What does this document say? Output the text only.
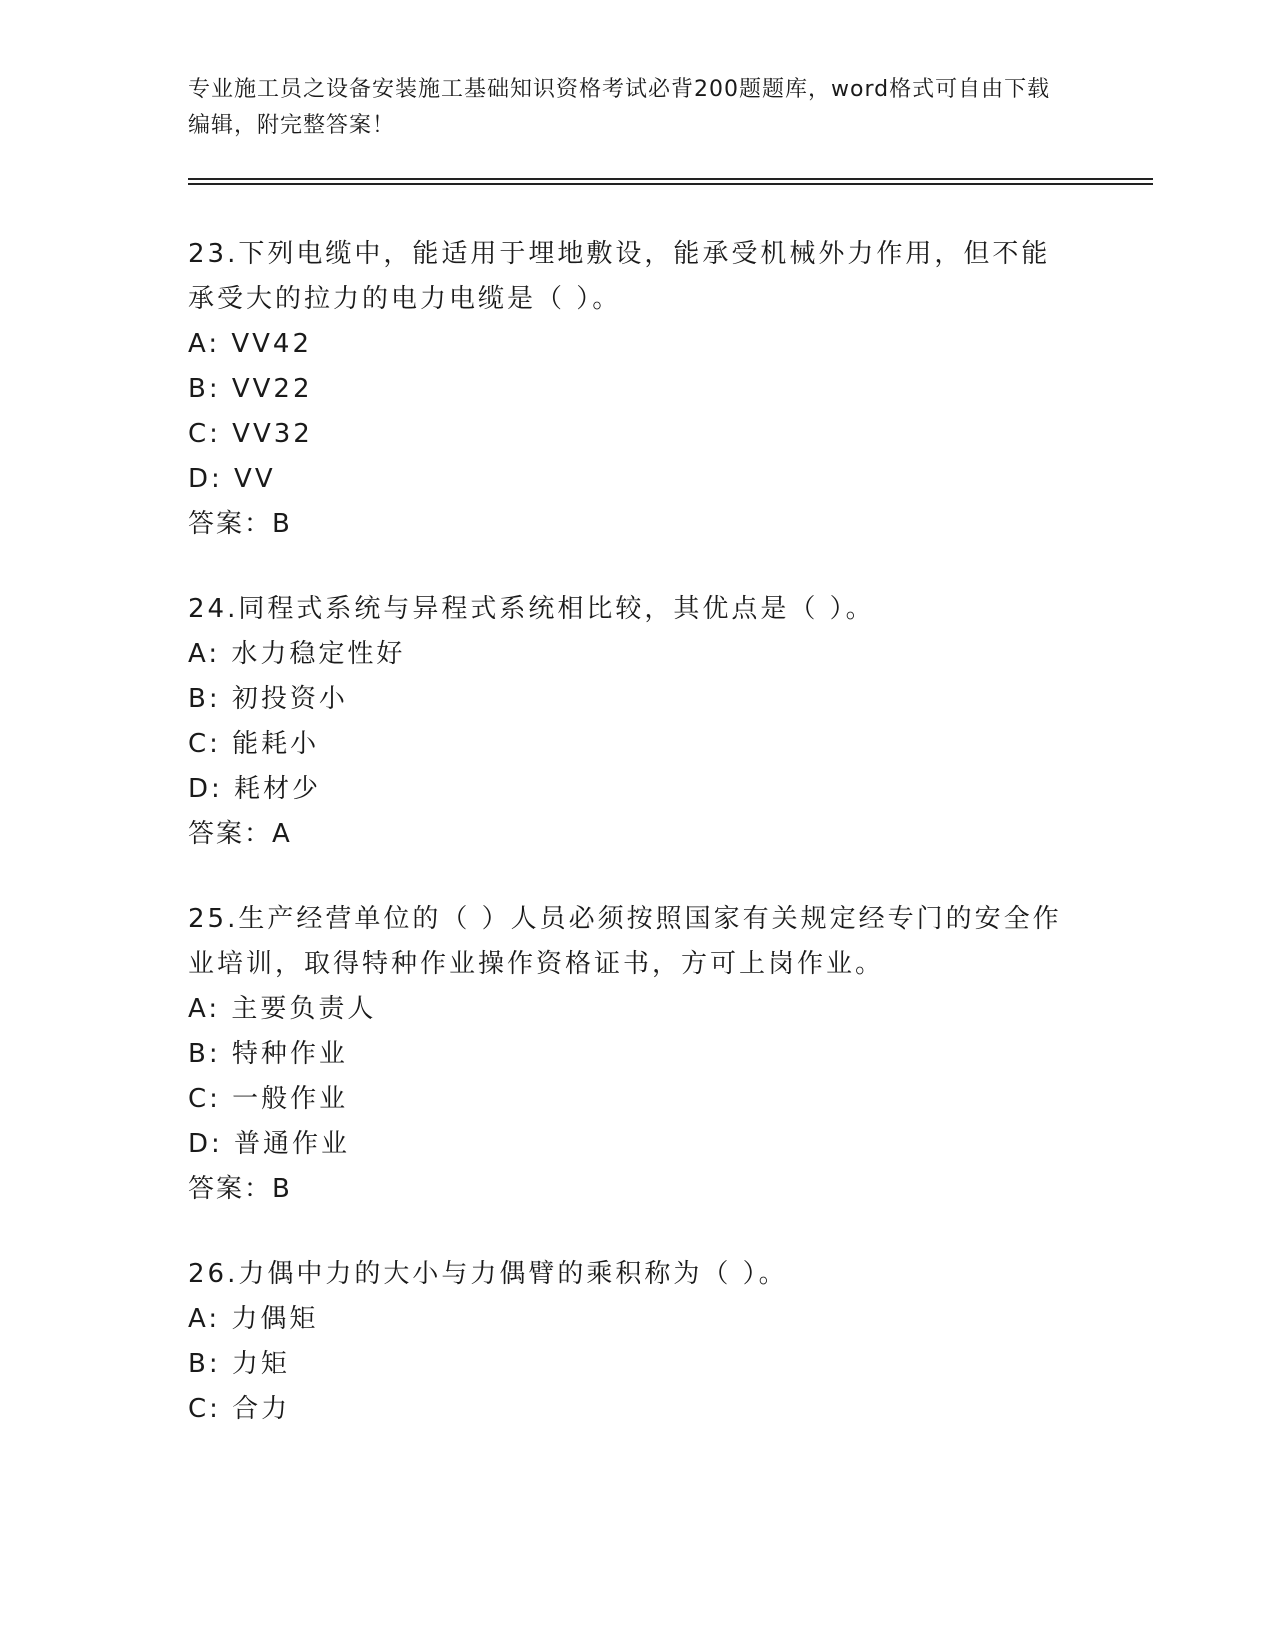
专业施工员之设备安装施工基础知识资格考试必背200题题库，word格式可自由下载编辑，附完整答案！

23.下列电缆中，能适用于埋地敷设，能承受机械外力作用，但不能承受大的拉力的电力电缆是（ ）。

A: VV42
B: VV22
C: VV32
D: VV
答案：B

24.同程式系统与异程式系统相比较，其优点是（ ）。

A: 水力稳定性好
B: 初投资小
C: 能耗小
D: 耗材少
答案：A

25.生产经营单位的（ ）人员必须按照国家有关规定经专门的安全作业培训，取得特种作业操作资格证书，方可上岗作业。

A: 主要负责人
B: 特种作业
C: 一般作业
D: 普通作业
答案：B

26.力偶中力的大小与力偶臂的乘积称为（ ）。

A: 力偶矩
B: 力矩
C: 合力
